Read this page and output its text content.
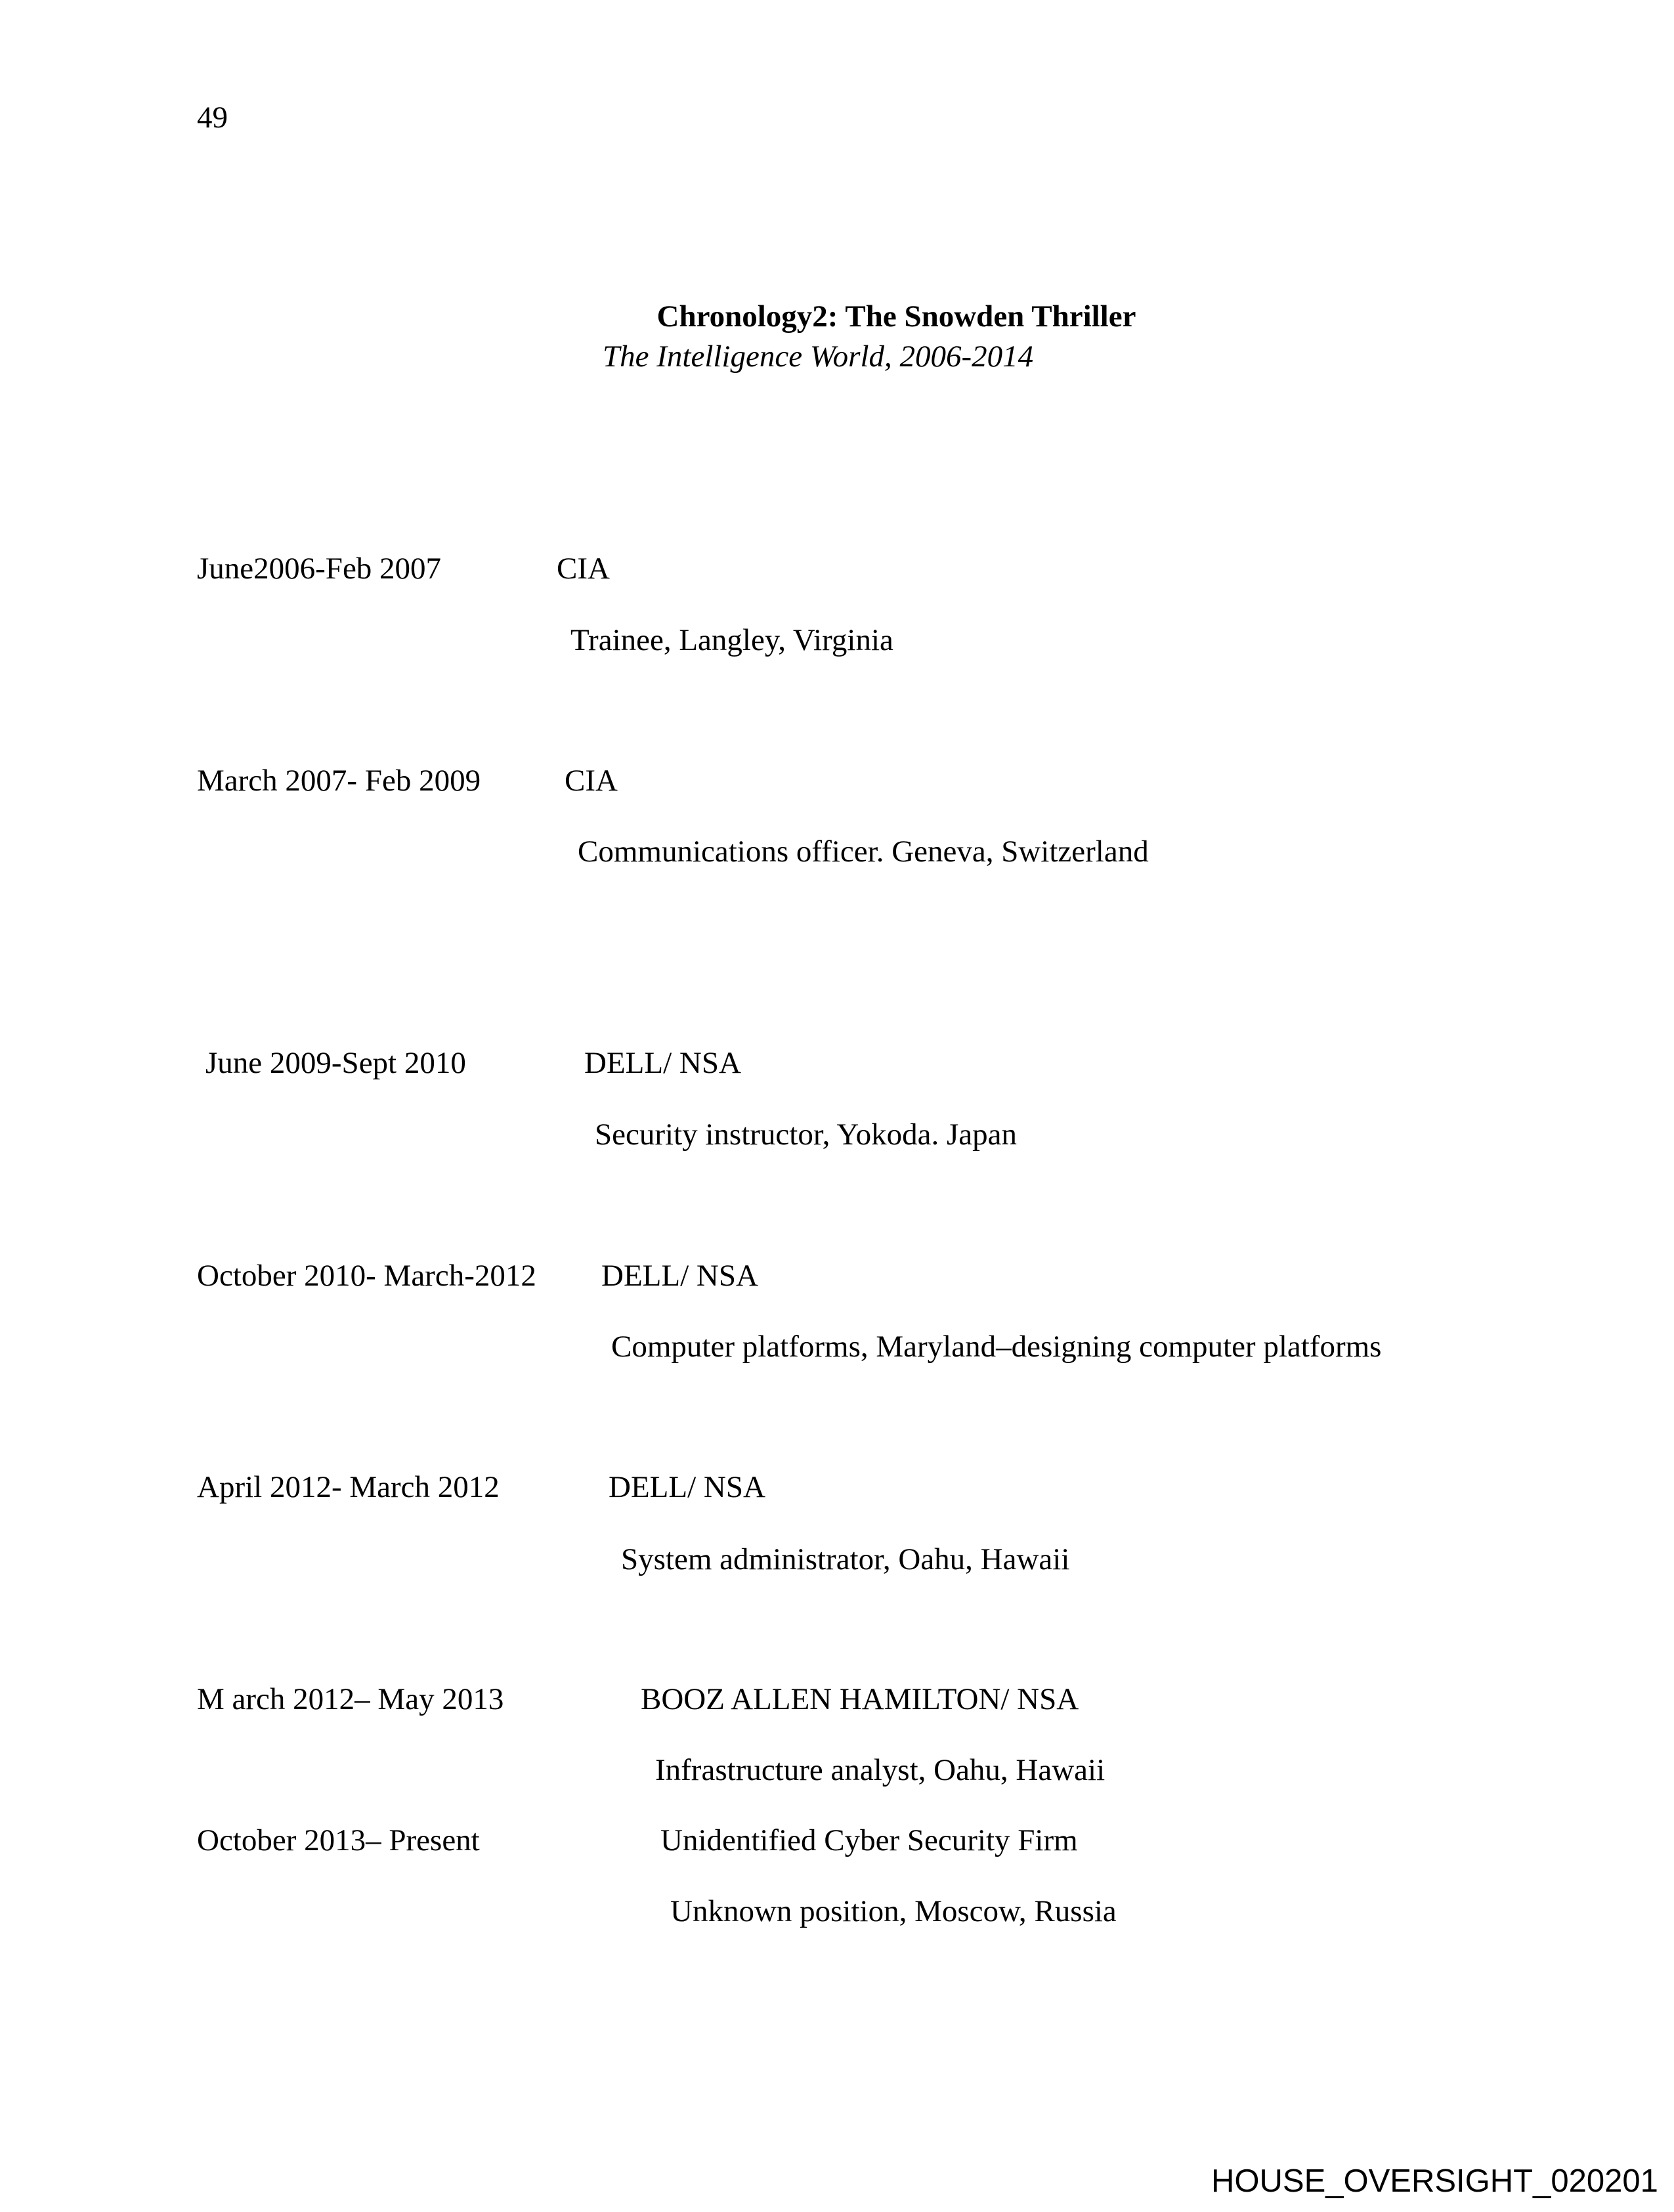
49

Chronology2: The Snowden Thriller

The Intelligence World, 2006-2014
June2006-Feb 2007	CIA
Trainee, Langley, Virginia
March 2007- Feb 2009	CIA
Communications officer. Geneva, Switzerland
June 2009-Sept 2010	DELL/ NSA
Security instructor, Yokoda. Japan
October 2010- March-2012 DELL/ NSA
Computer platforms, Maryland–designing computer platforms
April 2012- March 2012	DELL/ NSA
System administrator, Oahu, Hawaii
M arch 2012– May 2013	BOOZ ALLEN HAMILTON/ NSA
Infrastructure analyst, Oahu, Hawaii
October 2013– Present	Unidentified Cyber Security Firm
Unknown position, Moscow, Russia
HOUSE_OVERSIGHT_020201
